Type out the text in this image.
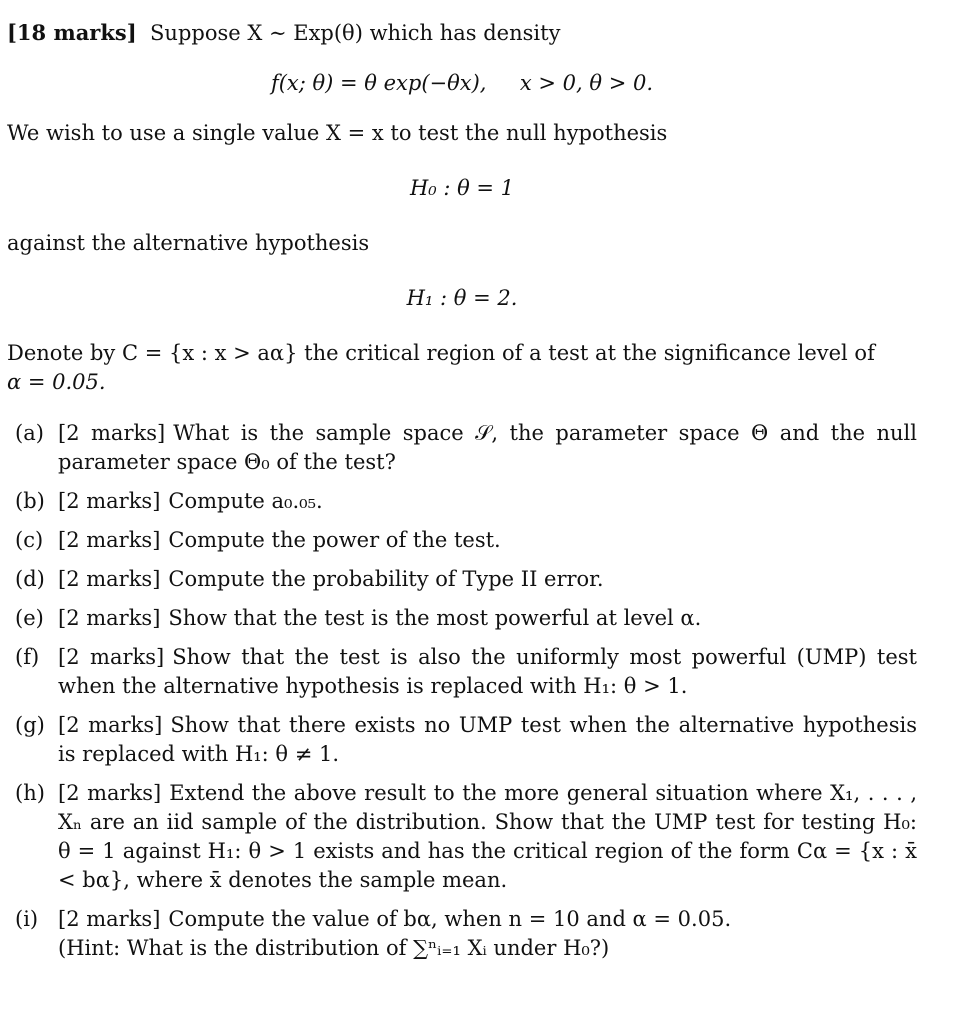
[18 marks] Suppose X ∼ Exp(θ) which has density

f(x; θ) = θ exp(−θx), x > 0, θ > 0.

We wish to use a single value X = x to test the null hypothesis

H₀ : θ = 1

against the alternative hypothesis

H₁ : θ = 2.

Denote by C = {x : x > aα} the critical region of a test at the significance level of
α = 0.05.

(a) [2 marks] What is the sample space 𝒮, the parameter space Θ and the null parameter space Θ₀ of the test?
(b) [2 marks] Compute a₀.₀₅.
(c) [2 marks] Compute the power of the test.
(d) [2 marks] Compute the probability of Type II error.
(e) [2 marks] Show that the test is the most powerful at level α.
(f) [2 marks] Show that the test is also the uniformly most powerful (UMP) test when the alternative hypothesis is replaced with H₁: θ > 1.
(g) [2 marks] Show that there exists no UMP test when the alternative hypothesis is replaced with H₁: θ ≠ 1.
(h) [2 marks] Extend the above result to the more general situation where X₁, . . . , Xₙ are an iid sample of the distribution. Show that the UMP test for testing H₀: θ = 1 against H₁: θ > 1 exists and has the critical region of the form Cα = {x : x̄ < bα}, where x̄ denotes the sample mean.
(i) [2 marks] Compute the value of bα, when n = 10 and α = 0.05.
(Hint: What is the distribution of ∑ⁿᵢ₌₁ Xᵢ under H₀?)
